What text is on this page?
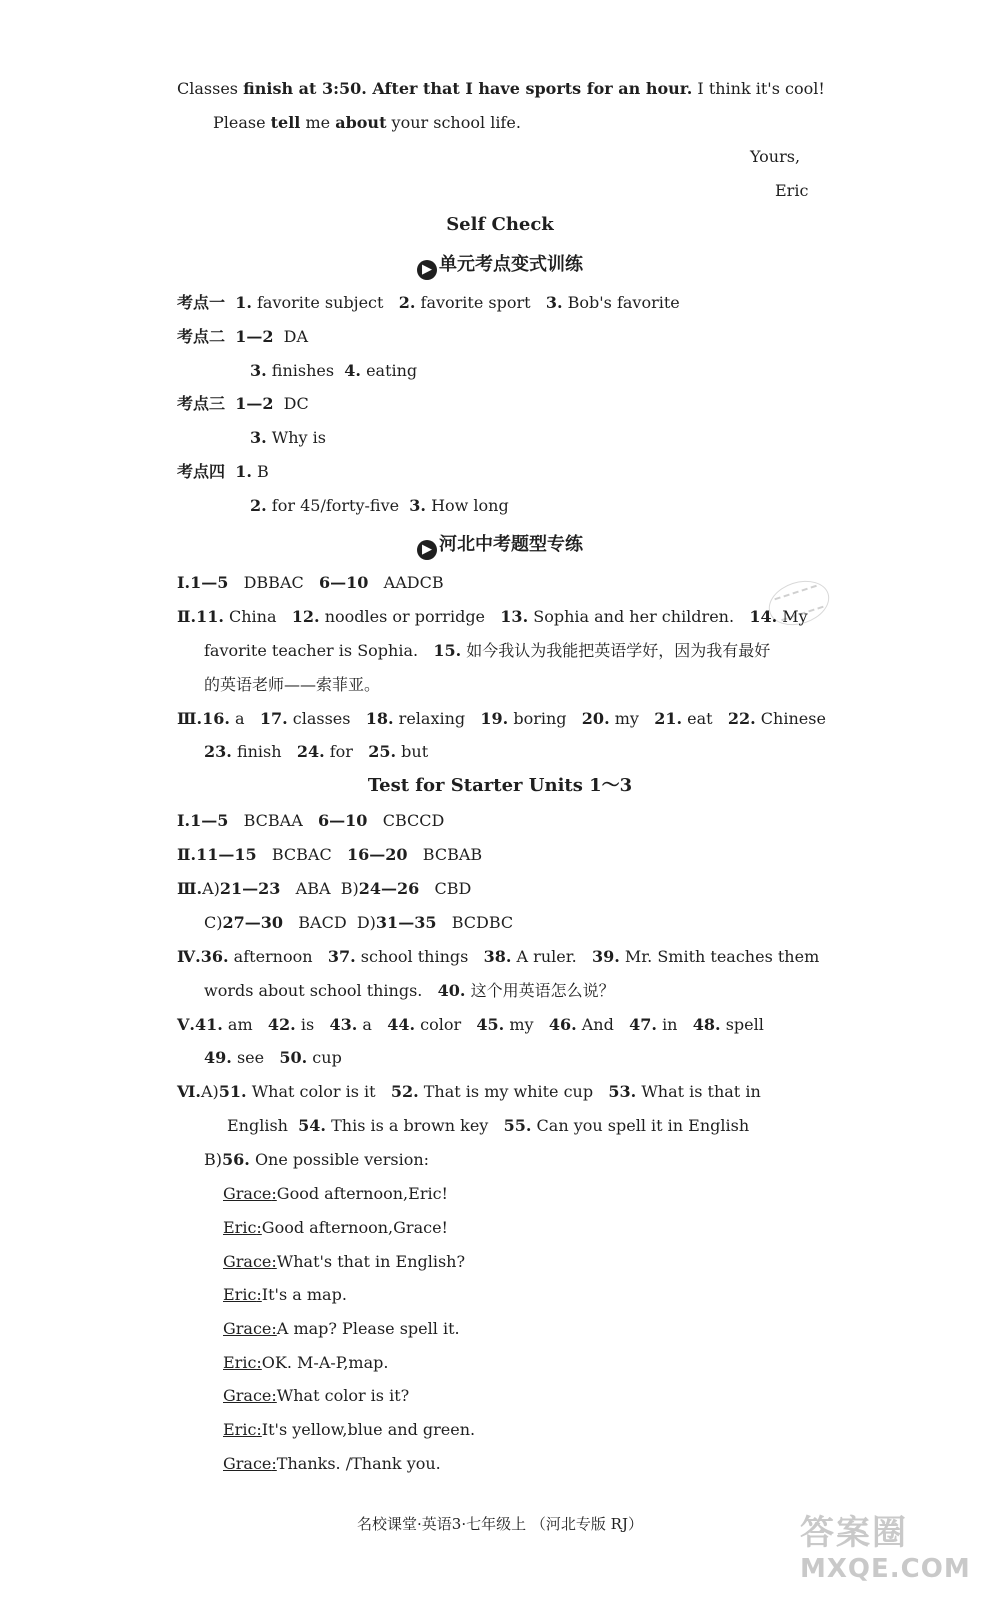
Classes finish at 3:50. After that I have sports for an hour. I think it's cool!
Please tell me about your school life.
Yours,
Eric
Self Check
▶ 单元考点变式训练
考点一 1. favorite subject 2. favorite sport 3. Bob's favorite
考点二 1—2 DA
3. finishes 4. eating
考点三 1—2 DC
3. Why is
考点四 1. B
2. for 45/forty-five 3. How long
▶ 河北中考题型专练
Ⅰ.1—5 DBBAC 6—10 AADCB
Ⅱ.11. China 12. noodles or porridge 13. Sophia and her children. 14. My
favorite teacher is Sophia. 15. 如今我认为我能把英语学好，因为我有最好
的英语老师——索菲亚。
Ⅲ.16. a 17. classes 18. relaxing 19. boring 20. my 21. eat 22. Chinese
23. finish 24. for 25. but
Test for Starter Units 1～3
Ⅰ.1—5 BCBAA 6—10 CBCCD
Ⅱ.11—15 BCBAC 16—20 BCBAB
Ⅲ.A)21—23 ABA B)24—26 CBD
C)27—30 BACD D)31—35 BCDBC
Ⅳ.36. afternoon 37. school things 38. A ruler. 39. Mr. Smith teaches them
words about school things. 40. 这个用英语怎么说？
Ⅴ.41. am 42. is 43. a 44. color 45. my 46. And 47. in 48. spell
49. see 50. cup
Ⅵ.A)51. What color is it 52. That is my white cup 53. What is that in
English 54. This is a brown key 55. Can you spell it in English
B)56. One possible version:
Grace:Good afternoon,Eric!
Eric:Good afternoon,Grace!
Grace:What's that in English?
Eric:It's a map.
Grace:A map? Please spell it.
Eric:OK. M-A-P,map.
Grace:What color is it?
Eric:It's yellow,blue and green.
Grace:Thanks. /Thank you.
名校课堂·英语3·七年级上 （河北专版 RJ）	答案圈
MXQE.COM
